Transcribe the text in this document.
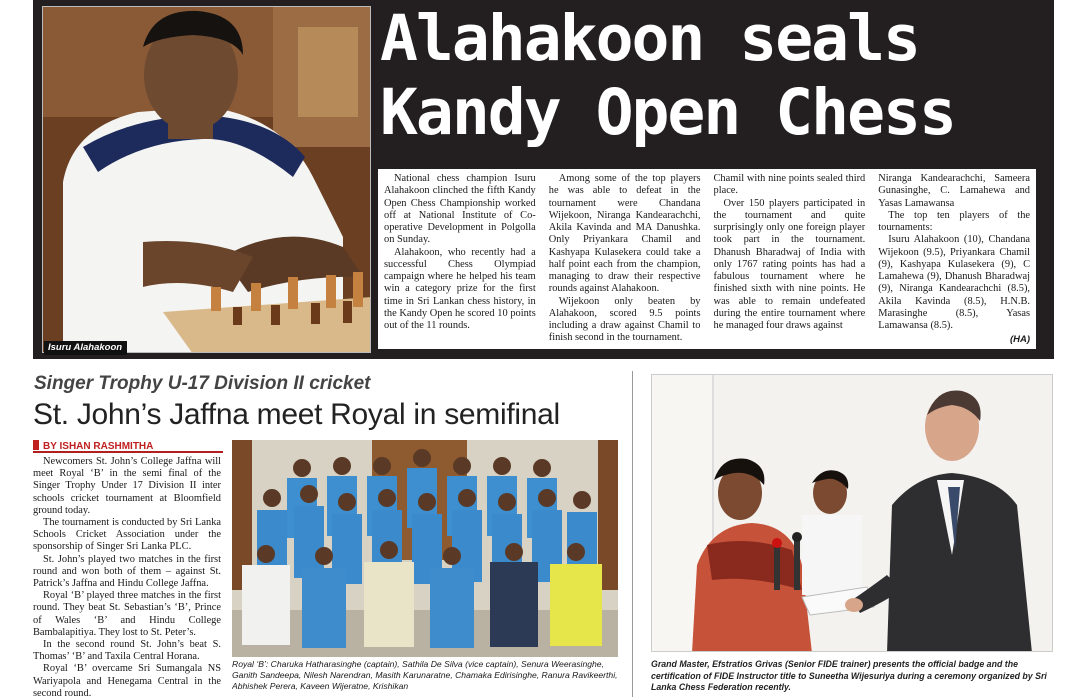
Isuru Alahakoon
Alahakoon seals
Kandy Open Chess

National chess champion Isuru Alahakoon clinched the fifth Kandy Open Chess Championship worked off at National Institute of Co-operative Development in Polgolla on Sunday.

Alahakoon, who recently had a successful Chess Olympiad campaign where he helped his team win a category prize for the first time in Sri Lankan chess history, in the Kandy Open he scored 10 points out of the 11 rounds.

Among some of the top players he was able to defeat in the tournament were Chandana Wijekoon, Niranga Kandearachchi, Akila Kavinda and MA Danushka. Only Priyankara Chamil and Kashyapa Kulasekera could take a half point each from the champion, managing to draw their respective rounds against Alahakoon.

Wijekoon only beaten by Alahakoon, scored 9.5 points including a draw against Chamil to finish second in the tournament.

Chamil with nine points sealed third place.

Over 150 players participated in the tournament and quite surprisingly only one foreign player took part in the tournament. Dhanush Bharadwaj of India with only 1767 rating points has had a fabulous tournament where he finished sixth with nine points. He was able to remain undefeated during the entire tournament where he managed four draws against

Niranga Kandearachchi, Sameera Gunasinghe, C. Lamahewa and Yasas Lamawansa

The top ten players of the tournaments:

Isuru Alahakoon (10), Chandana Wijekoon (9.5), Priyankara Chamil (9), Kashyapa Kulasekera (9), C Lamahewa (9), Dhanush Bharadwaj (9), Niranga Kandearachchi (8.5), Akila Kavinda (8.5), H.N.B. Marasinghe (8.5), Yasas Lamawansa (8.5).

(HA)
Singer Trophy U-17 Division II cricket
St. John’s Jaffna meet Royal in semifinal
BY ISHAN RASHMITHA

Newcomers St. John’s College Jaffna will meet Royal ‘B’ in the semi final of the Singer Trophy Under 17 Division II inter schools cricket tournament at Bloomfield ground today.

The tournament is conducted by Sri Lanka Schools Cricket Association under the sponsorship of Singer Sri Lanka PLC.

St. John’s played two matches in the first round and won both of them – against St. Patrick’s Jaffna and Hindu College Jaffna.

Royal ‘B’ played three matches in the first round. They beat St. Sebastian’s ‘B’, Prince of Wales ‘B’ and Hindu College Bambalapitiya. They lost to St. Peter’s.

In the second round St. John’s beat S. Thomas’ ‘B’ and Taxila Central Horana.

Royal ‘B’ overcame Sri Sumangala NS Wariyapola and Henegama Central in the second round.

Royal ‘B’: Charuka Hatharasinghe (captain), Sathila De Silva (vice captain), Senura Weerasinghe, Ganith Sandeepa, Nilesh Narendran, Masith Karunaratne, Chamaka Edirisinghe, Ranura Ravikeerthi, Abhishek Perera, Kaveen Wijeratne, Krishikan
Grand Master, Efstratios Grivas (Senior FIDE trainer) presents the official badge and the certification of FIDE Instructor title to Suneetha Wijesuriya during a ceremony organized by Sri Lanka Chess Federation recently.
